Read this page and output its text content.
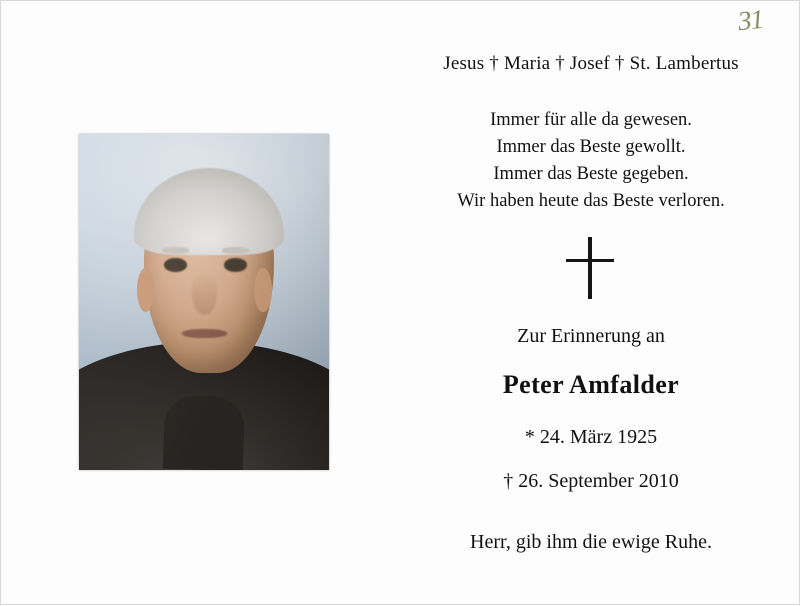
31
Jesus † Maria † Josef † St. Lambertus
Immer für alle da gewesen.
Immer das Beste gewollt.
Immer das Beste gegeben.
Wir haben heute das Beste verloren.
Zur Erinnerung an
Peter Amfalder
* 24. März 1925
† 26. September 2010
Herr, gib ihm die ewige Ruhe.
